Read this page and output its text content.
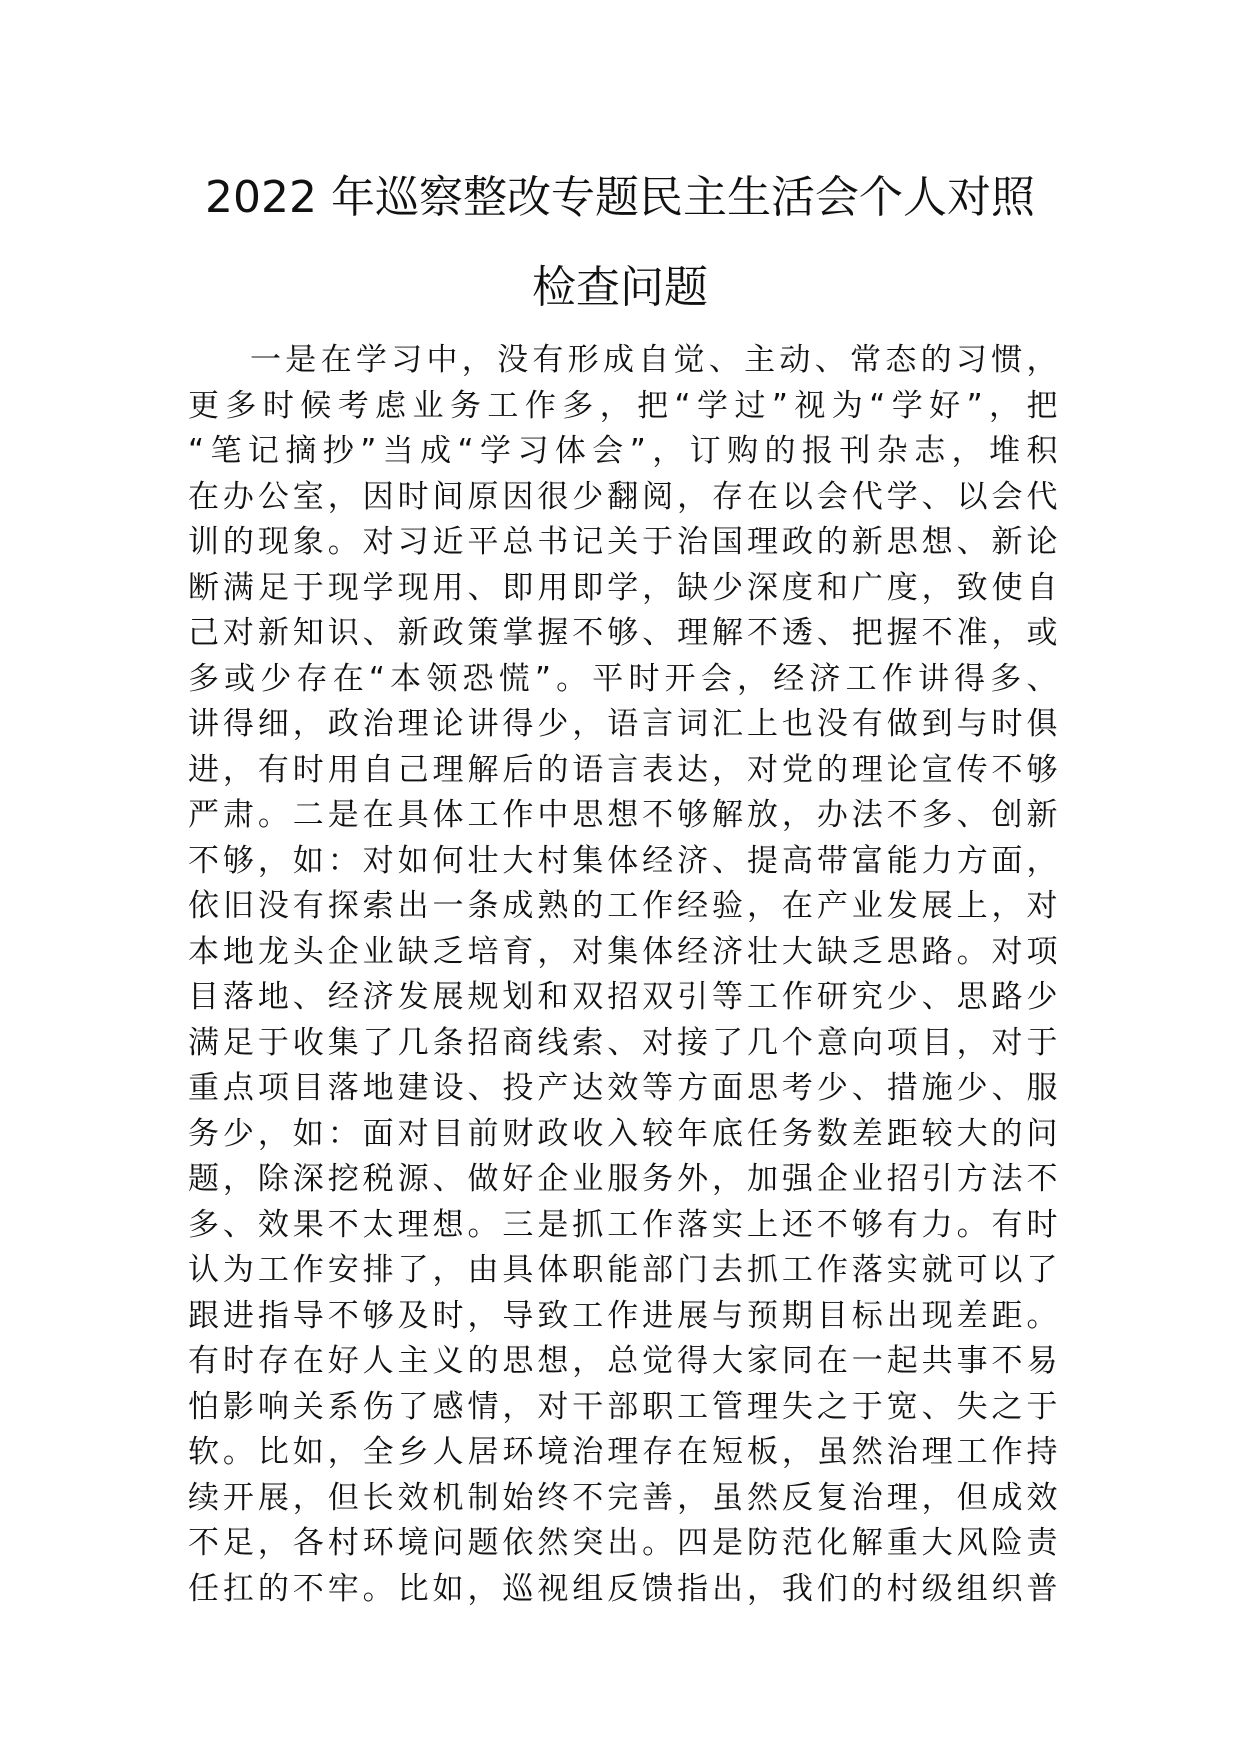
2022 年巡察整改专题民主生活会个人对照
检查问题
一是在学习中，没有形成自觉、主动、常态的习惯，
更多时候考虑业务工作多，把“学过”视为“学好”，把
“笔记摘抄”当成“学习体会”，订购的报刊杂志，堆积
在办公室，因时间原因很少翻阅，存在以会代学、以会代
训的现象。对习近平总书记关于治国理政的新思想、新论
断满足于现学现用、即用即学，缺少深度和广度，致使自
己对新知识、新政策掌握不够、理解不透、把握不准，或
多或少存在“本领恐慌”。平时开会，经济工作讲得多、
讲得细，政治理论讲得少，语言词汇上也没有做到与时俱
进，有时用自己理解后的语言表达，对党的理论宣传不够
严肃。二是在具体工作中思想不够解放，办法不多、创新
不够，如：对如何壮大村集体经济、提高带富能力方面，
依旧没有探索出一条成熟的工作经验，在产业发展上，对
本地龙头企业缺乏培育，对集体经济壮大缺乏思路。对项
目落地、经济发展规划和双招双引等工作研究少、思路少
满足于收集了几条招商线索、对接了几个意向项目，对于
重点项目落地建设、投产达效等方面思考少、措施少、服
务少，如：面对目前财政收入较年底任务数差距较大的问
题，除深挖税源、做好企业服务外，加强企业招引方法不
多、效果不太理想。三是抓工作落实上还不够有力。有时
认为工作安排了，由具体职能部门去抓工作落实就可以了
跟进指导不够及时，导致工作进展与预期目标出现差距。
有时存在好人主义的思想，总觉得大家同在一起共事不易
怕影响关系伤了感情，对干部职工管理失之于宽、失之于
软。比如，全乡人居环境治理存在短板，虽然治理工作持
续开展，但长效机制始终不完善，虽然反复治理，但成效
不足，各村环境问题依然突出。四是防范化解重大风险责
任扛的不牢。比如，巡视组反馈指出，我们的村级组织普
